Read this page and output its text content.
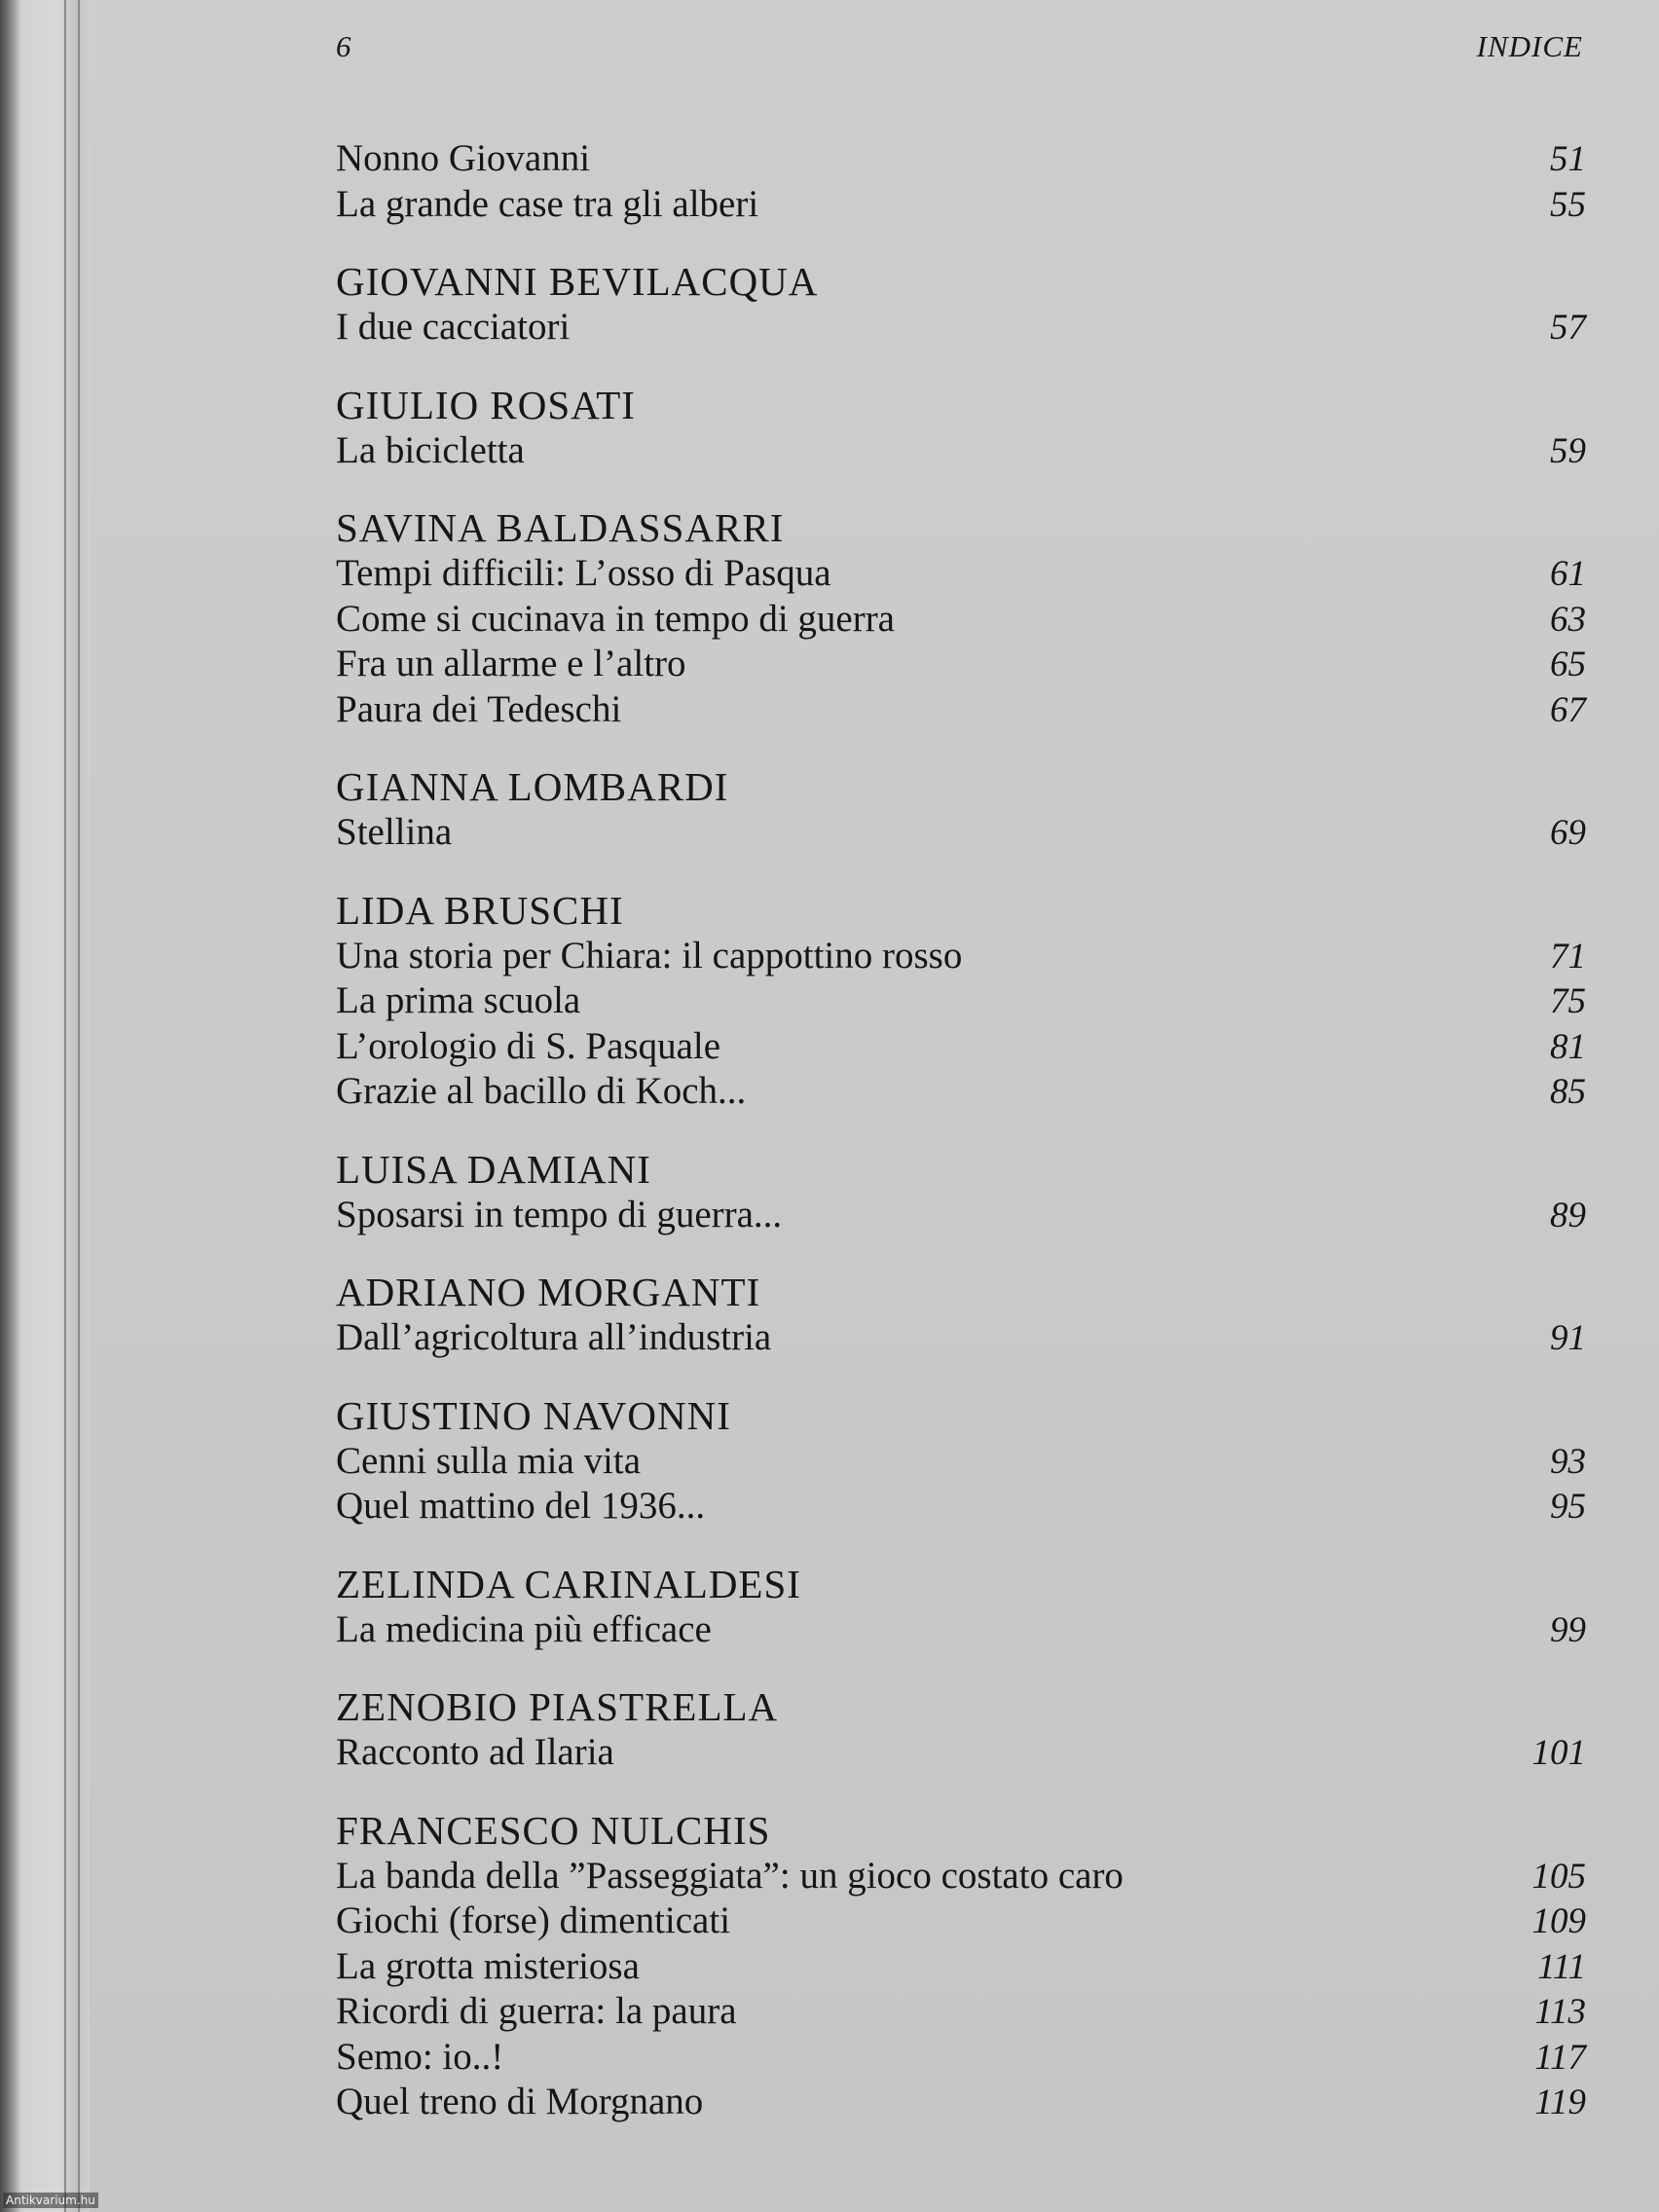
6	INDICE
Nonno Giovanni	51
La grande case tra gli alberi	55
GIOVANNI BEVILACQUA
I due cacciatori	57
GIULIO ROSATI
La bicicletta	59
SAVINA BALDASSARRI
Tempi difficili: L’osso di Pasqua	61
Come si cucinava in tempo di guerra	63
Fra un allarme e l’altro	65
Paura dei Tedeschi	67
GIANNA LOMBARDI
Stellina	69
LIDA BRUSCHI
Una storia per Chiara: il cappottino rosso	71
La prima scuola	75
L’orologio di S. Pasquale	81
Grazie al bacillo di Koch...	85
LUISA DAMIANI
Sposarsi in tempo di guerra...	89
ADRIANO MORGANTI
Dall’agricoltura all’industria	91
GIUSTINO NAVONNI
Cenni sulla mia vita	93
Quel mattino del 1936...	95
ZELINDA CARINALDESI
La medicina più efficace	99
ZENOBIO PIASTRELLA
Racconto ad Ilaria	101
FRANCESCO NULCHIS
La banda della ”Passeggiata”: un gioco costato caro	105
Giochi (forse) dimenticati	109
La grotta misteriosa	111
Ricordi di guerra: la paura	113
Semo: io..!	117
Quel treno di Morgnano	119
Antikvarium.hu
